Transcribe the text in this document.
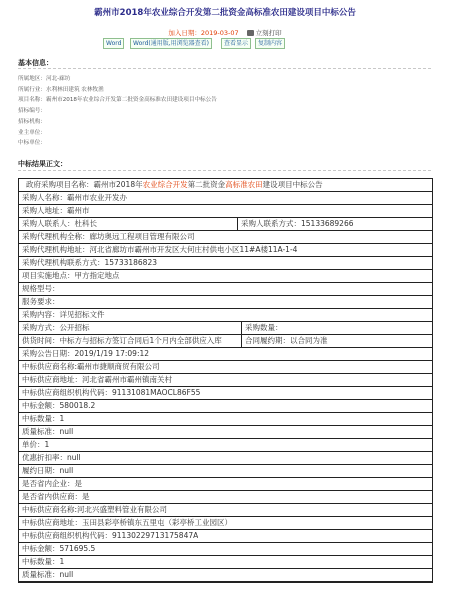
霸州市2018年农业综合开发第二批资金高标准农田建设项目中标公告
加入日期：2019-03-07	立刻打印
Word	Word(通用版,用浏览器查看)	查看显示	复制内容
基本信息：
所属地区：河北-廊坊
所属行业：水利林田建筑 农林牧渔
项目名称：霸州市2018年农业综合开发第二批资金高标准农田建设项目中标公告
招标编号：
招标机构：
业主单位：
中标单位：
中标结果正文：
政府采购项目名称：霸州市2018年农业综合开发第二批资金高标准农田建设项目中标公告
采购人名称：霸州市农业开发办
采购人地址：霸州市
采购人联系人：杜科长	采购人联系方式：15133689266
采购代理机构全称：廊坊奥远工程项目管理有限公司
采购代理机构地址：河北省廊坊市霸州市开发区大何庄村供电小区11#A楼11A-1-4
采购代理机构联系方式：15733186823
项目实施地点：甲方指定地点
规格型号：
服务要求：
采购内容：详见招标文件
采购方式：公开招标	采购数量：
供货时间：中标方与招标方签订合同后1个月内全部供应入库	合同履约期：以合同为准
采购公告日期：2019/1/19 17:09:12
中标供应商名称:霸州市捷顺商贸有限公司
中标供应商地址：河北省霸州市霸州镇南关村
中标供应商组织机构代码：91131081MAOCL86F55
中标金额：580018.2
中标数量：1
质量标准：null
单价：1
优惠折扣率：null
履约日期：null
是否省内企业：是
是否省内供应商：是
中标供应商名称:河北兴盛塑料管业有限公司
中标供应商地址：玉田县彩亭桥镇东五里屯（彩亭桥工业园区）
中标供应商组织机构代码：91130229713175847A
中标金额：571695.5
中标数量：1
质量标准：null
